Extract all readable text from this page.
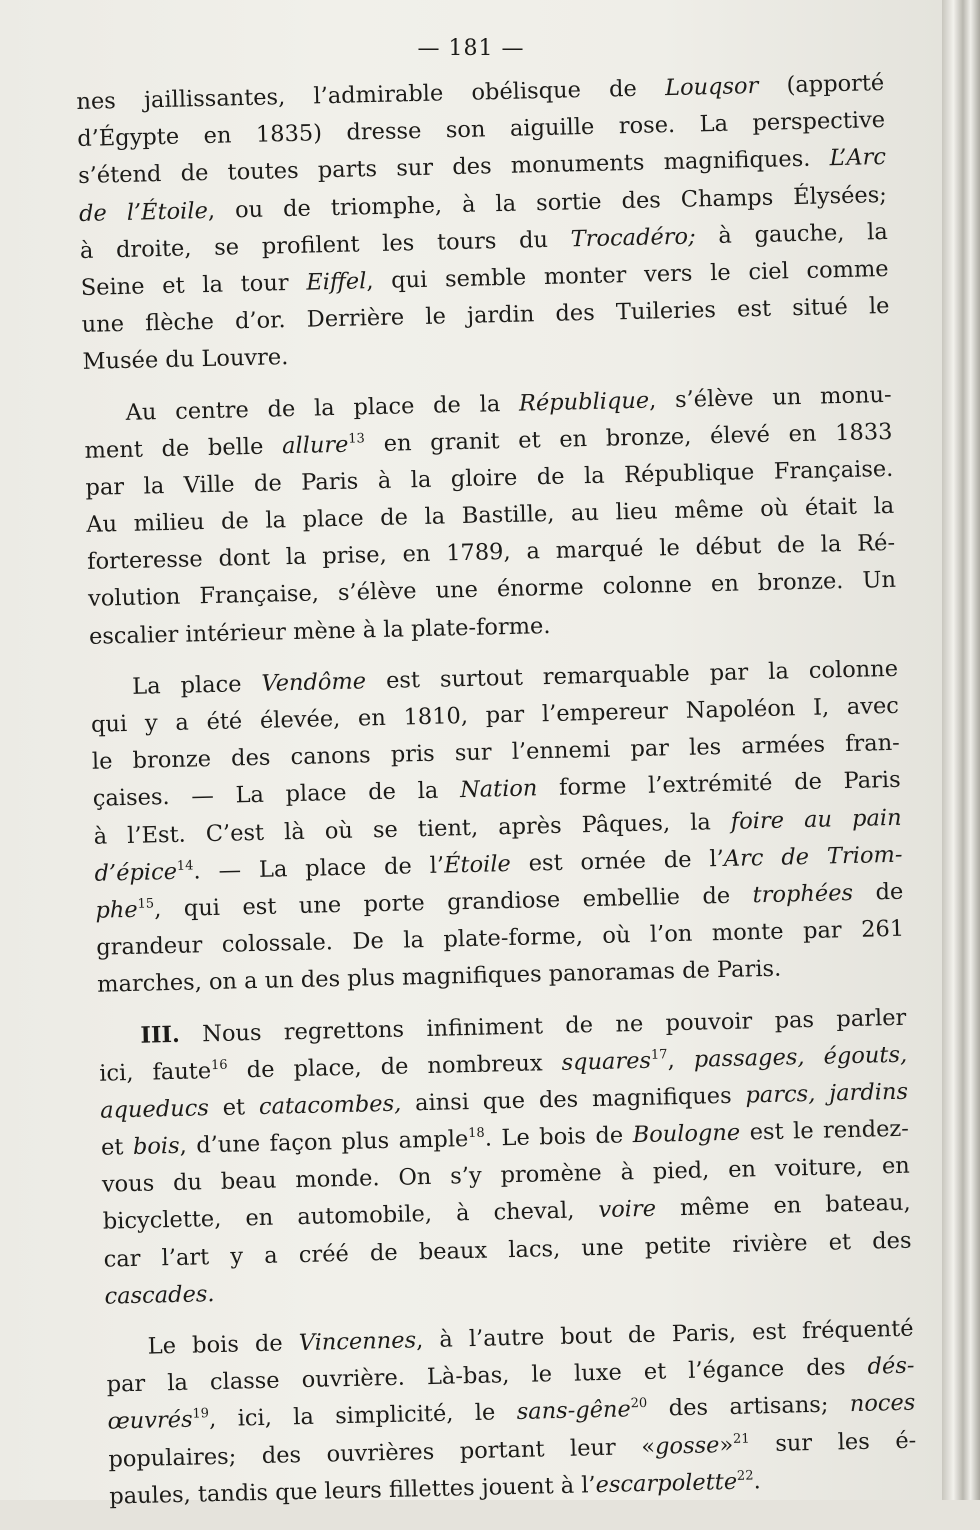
— 181 —
nes jaillissantes, l’admirable obélisque de Louqsor (apporté
d’Égypte en 1835) dresse son aiguille rose. La perspective
s’étend de toutes parts sur des monuments magnifiques. L’Arc
de l’Étoile, ou de triomphe, à la sortie des Champs Élysées;
à droite, se profilent les tours du Trocadéro; à gauche, la
Seine et la tour Eiffel, qui semble monter vers le ciel comme
une flèche d’or. Derrière le jardin des Tuileries est situé le
Musée du Louvre.
Au centre de la place de la République, s’élève un monu-
ment de belle allure$^{13}$ en granit et en bronze, élevé en 1833
par la Ville de Paris à la gloire de la République Française.
Au milieu de la place de la Bastille, au lieu même où était la
forteresse dont la prise, en 1789, a marqué le début de la Ré-
volution Française, s’élève une énorme colonne en bronze. Un
escalier intérieur mène à la plate-forme.
La place Vendôme est surtout remarquable par la colonne
qui y a été élevée, en 1810, par l’empereur Napoléon I, avec
le bronze des canons pris sur l’ennemi par les armées fran-
çaises. — La place de la Nation forme l’extrémité de Paris
à l’Est. C’est là où se tient, après Pâques, la foire au pain
d’épice$^{14}$. — La place de l’Étoile est ornée de l’Arc de Triom-
phe$^{15}$, qui est une porte grandiose embellie de trophées de
grandeur colossale. De la plate-forme, où l’on monte par 261
marches, on a un des plus magnifiques panoramas de Paris.
III. Nous regrettons infiniment de ne pouvoir pas parler
ici, faute$^{16}$ de place, de nombreux squares$^{17}$, passages, égouts,
aqueducs et catacombes, ainsi que des magnifiques parcs, jardins
et bois, d’une façon plus ample$^{18}$. Le bois de Boulogne est le rendez-
vous du beau monde. On s’y promène à pied, en voiture, en
bicyclette, en automobile, à cheval, voire même en bateau,
car l’art y a créé de beaux lacs, une petite rivière et des
cascades.
Le bois de Vincennes, à l’autre bout de Paris, est fréquenté
par la classe ouvrière. Là-bas, le luxe et l’égance des dés-
œuvrés$^{19}$, ici, la simplicité, le sans-gêne$^{20}$ des artisans; noces
populaires; des ouvrières portant leur «gosse»$^{21}$ sur les é-
paules, tandis que leurs fillettes jouent à l’escarpolette$^{22}$.
